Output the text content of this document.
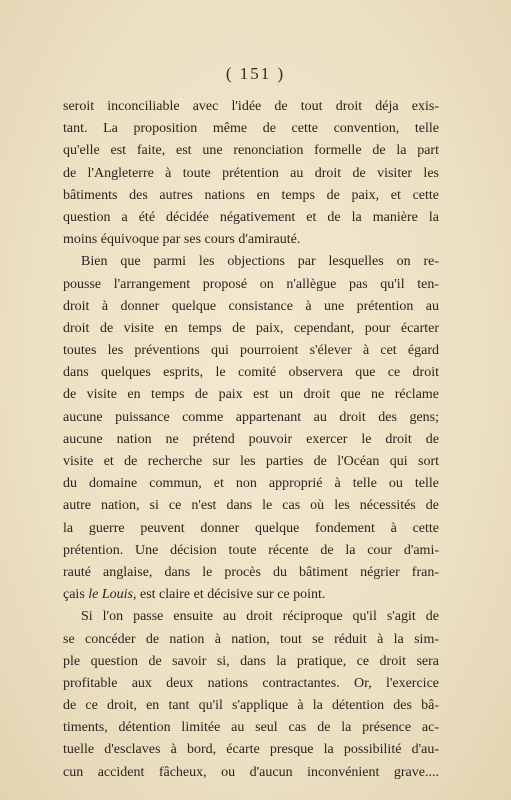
( 151 )
seroit inconciliable avec l'idée de tout droit déja exis-
tant. La proposition même de cette convention, telle
qu'elle est faite, est une renonciation formelle de la part
de l'Angleterre à toute prétention au droit de visiter les
bâtiments des autres nations en temps de paix, et cette
question a été décidée négativement et de la manière la
moins équivoque par ses cours d'amirauté.
Bien que parmi les objections par lesquelles on re-
pousse l'arrangement proposé on n'allègue pas qu'il ten-
droit à donner quelque consistance à une prétention au
droit de visite en temps de paix, cependant, pour écarter
toutes les préventions qui pourroient s'élever à cet égard
dans quelques esprits, le comité observera que ce droit
de visite en temps de paix est un droit que ne réclame
aucune puissance comme appartenant au droit des gens;
aucune nation ne prétend pouvoir exercer le droit de
visite et de recherche sur les parties de l'Océan qui sort
du domaine commun, et non approprié à telle ou telle
autre nation, si ce n'est dans le cas où les nécessités de
la guerre peuvent donner quelque fondement à cette
prétention. Une décision toute récente de la cour d'ami-
rauté anglaise, dans le procès du bâtiment négrier fran-
çais le Louis, est claire et décisive sur ce point.
Si l'on passe ensuite au droit réciproque qu'il s'agit de
se concéder de nation à nation, tout se réduit à la sim-
ple question de savoir si, dans la pratique, ce droit sera
profitable aux deux nations contractantes. Or, l'exercice
de ce droit, en tant qu'il s'applique à la détention des bâ-
timents, détention limitée au seul cas de la présence ac-
tuelle d'esclaves à bord, écarte presque la possibilité d'au-
cun accident fâcheux, ou d'aucun inconvénient grave....
